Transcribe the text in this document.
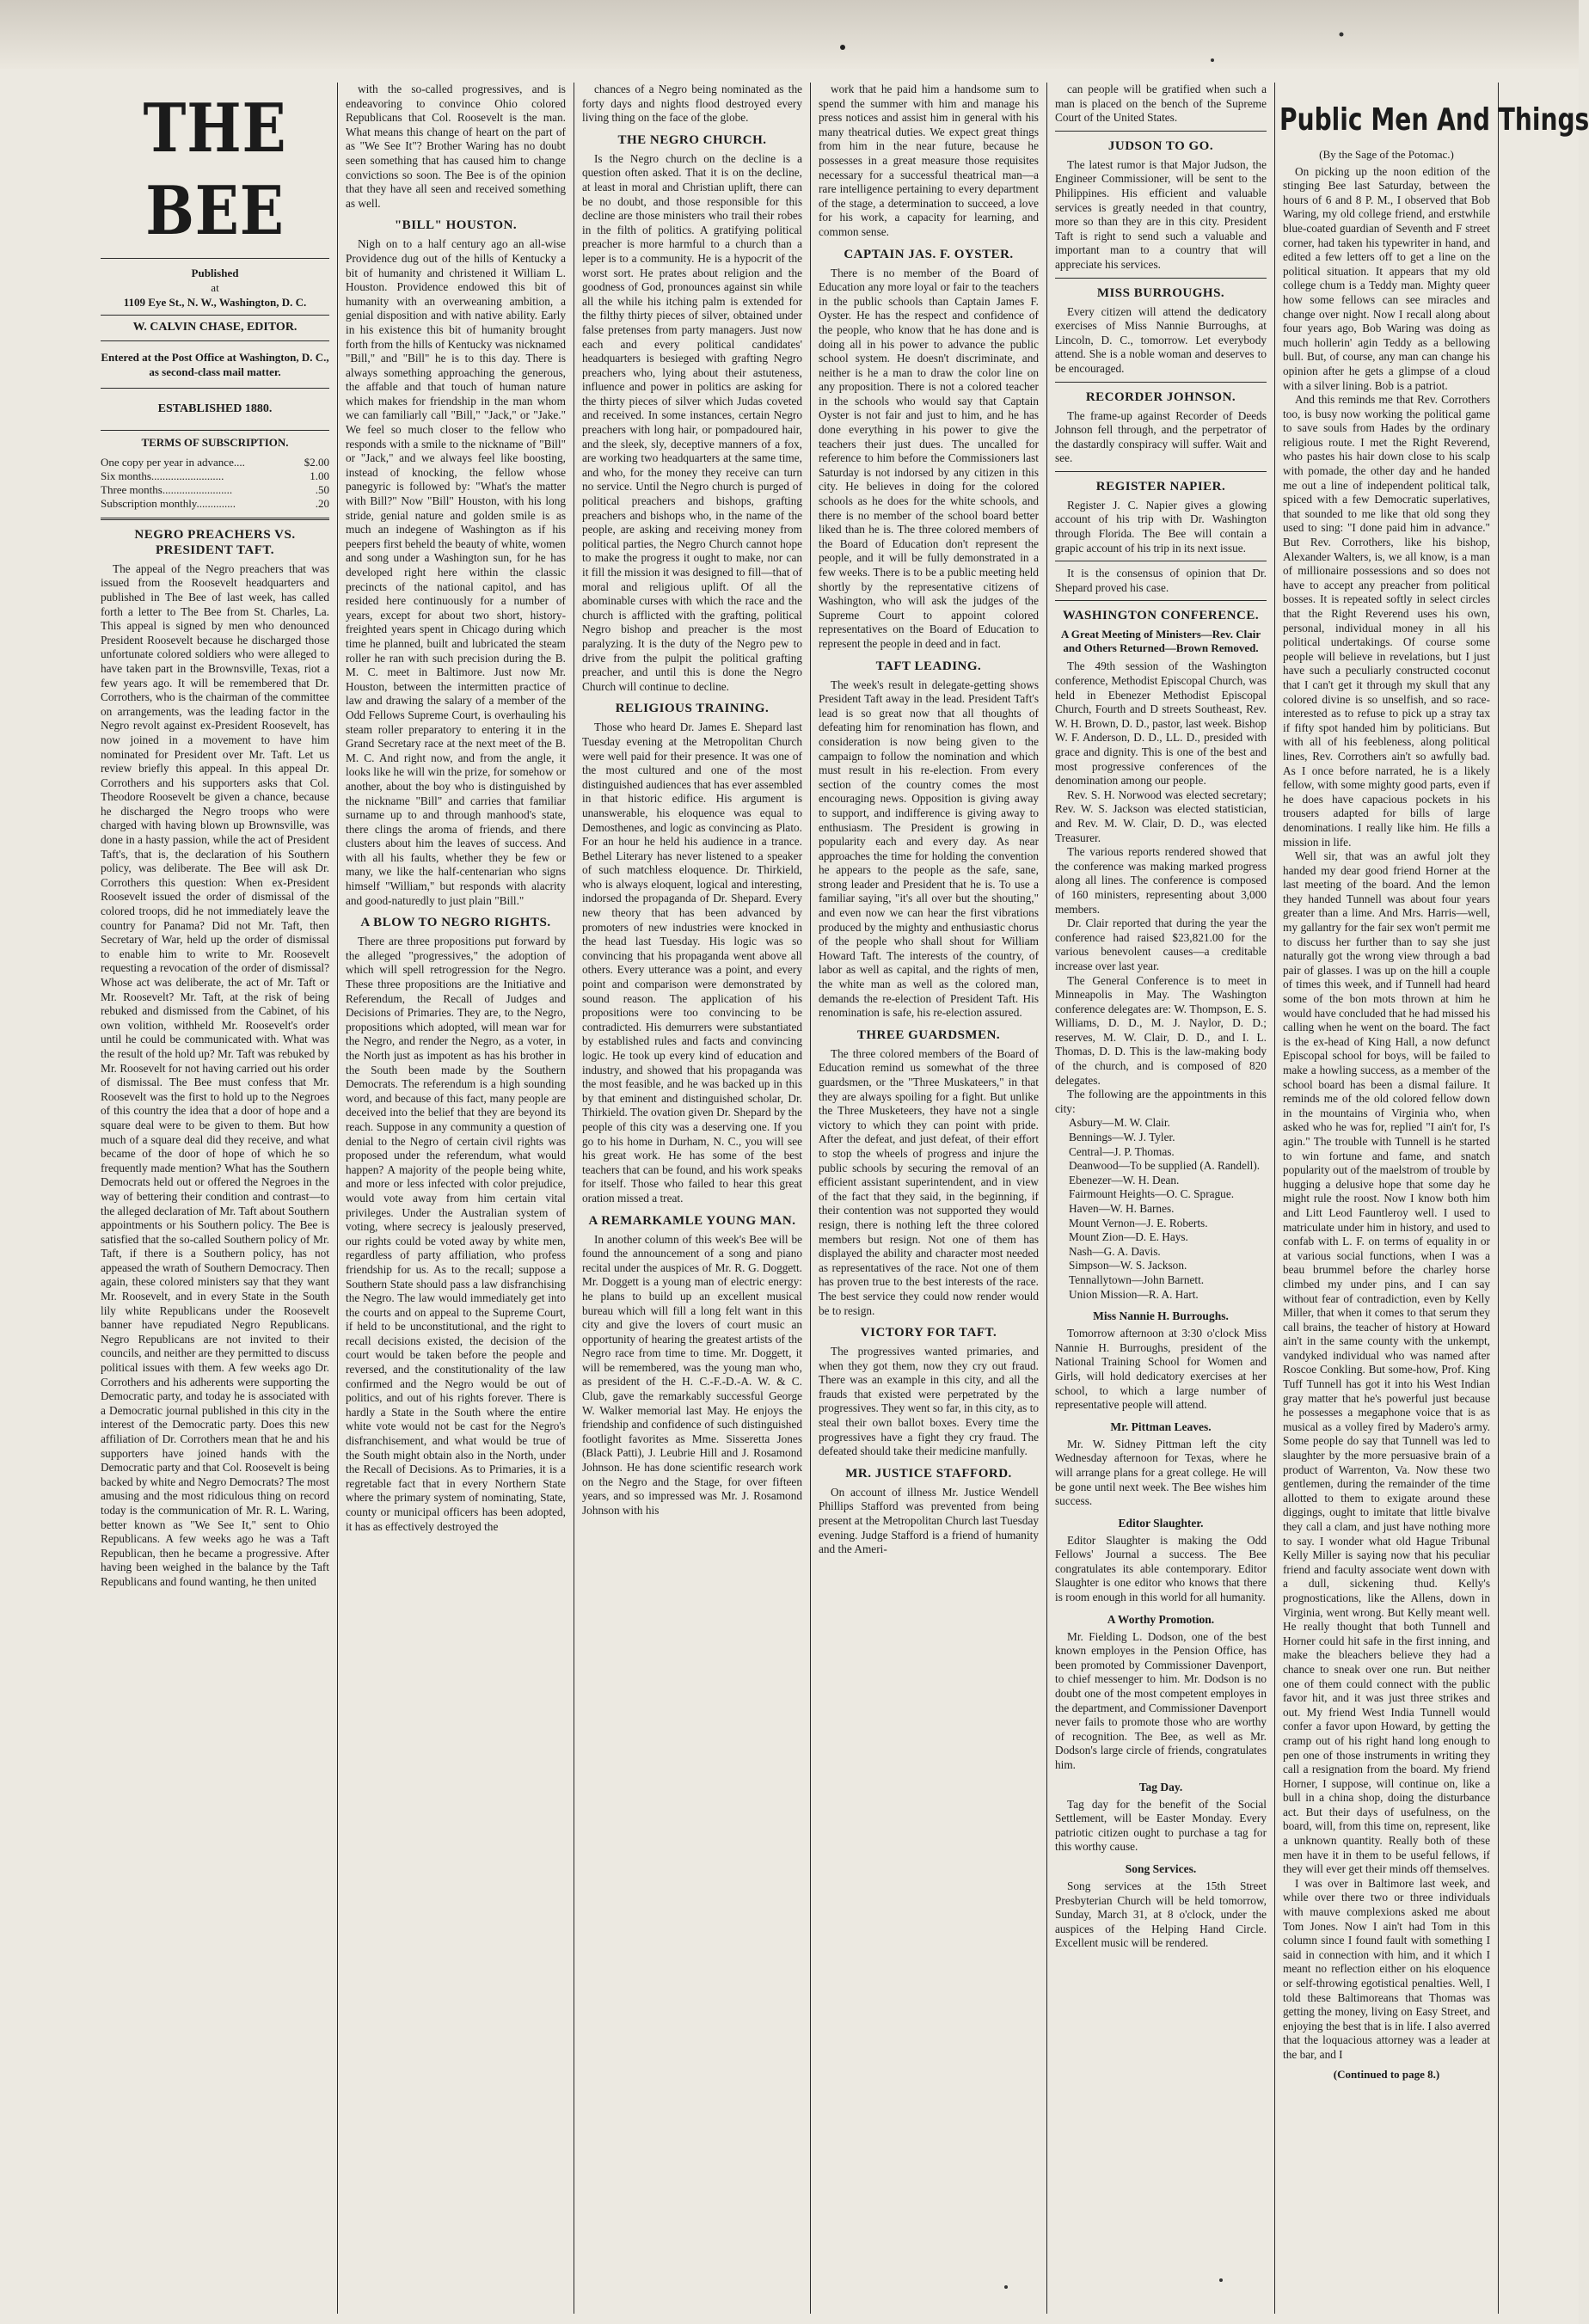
THE BEE
Published
at
1109 Eye St., N. W., Washington, D. C.
W. CALVIN CHASE, EDITOR.
Entered at the Post Office at Washington, D. C., as second-class mail matter.
ESTABLISHED 1880.
TERMS OF SUBSCRIPTION.
One copy per year in advance....	$2.00
Six months..........................	1.00
Three months.........................	.50
Subscription monthly..............	.20
NEGRO PREACHERS VS. PRESIDENT TAFT.

The appeal of the Negro preachers that was issued from the Roosevelt headquarters and published in The Bee of last week, has called forth a letter to The Bee from St. Charles, La. This appeal is signed by men who denounced President Roosevelt because he discharged those unfortunate colored soldiers who were alleged to have taken part in the Brownsville, Texas, riot a few years ago. It will be remembered that Dr. Corrothers, who is the chairman of the committee on arrangements, was the leading factor in the Negro revolt against ex-President Roosevelt, has now joined in a movement to have him nominated for President over Mr. Taft. Let us review briefly this appeal. In this appeal Dr. Corrothers and his supporters asks that Col. Theodore Roosevelt be given a chance, because he discharged the Negro troops who were charged with having blown up Brownsville, was done in a hasty passion, while the act of President Taft's, that is, the declaration of his Southern policy, was deliberate. The Bee will ask Dr. Corrothers this question: When ex-President Roosevelt issued the order of dismissal of the colored troops, did he not immediately leave the country for Panama? Did not Mr. Taft, then Secretary of War, held up the order of dismissal to enable him to write to Mr. Roosevelt requesting a revocation of the order of dismissal? Whose act was deliberate, the act of Mr. Taft or Mr. Roosevelt? Mr. Taft, at the risk of being rebuked and dismissed from the Cabinet, of his own volition, withheld Mr. Roosevelt's order until he could be communicated with. What was the result of the hold up? Mr. Taft was rebuked by Mr. Roosevelt for not having carried out his order of dismissal. The Bee must confess that Mr. Roosevelt was the first to hold up to the Negroes of this country the idea that a door of hope and a square deal were to be given to them. But how much of a square deal did they receive, and what became of the door of hope of which he so frequently made mention? What has the Southern Democrats held out or offered the Negroes in the way of bettering their condition and contrast—to the alleged declaration of Mr. Taft about Southern appointments or his Southern policy. The Bee is satisfied that the so-called Southern policy of Mr. Taft, if there is a Southern policy, has not appeased the wrath of Southern Democracy. Then again, these colored ministers say that they want Mr. Roosevelt, and in every State in the South lily white Republicans under the Roosevelt banner have repudiated Negro Republicans. Negro Republicans are not invited to their councils, and neither are they permitted to discuss political issues with them. A few weeks ago Dr. Corrothers and his adherents were supporting the Democratic party, and today he is associated with a Democratic journal published in this city in the interest of the Democratic party. Does this new affiliation of Dr. Corrothers mean that he and his supporters have joined hands with the Democratic party and that Col. Roosevelt is being backed by white and Negro Democrats? The most amusing and the most ridiculous thing on record today is the communication of Mr. R. L. Waring, better known as "We See It," sent to Ohio Republicans. A few weeks ago he was a Taft Republican, then he became a progressive. After having been weighed in the balance by the Taft Republicans and found wanting, he then united

with the so-called progressives, and is endeavoring to convince Ohio colored Republicans that Col. Roosevelt is the man. What means this change of heart on the part of as "We See It"? Brother Waring has no doubt seen something that has caused him to change convictions so soon. The Bee is of the opinion that they have all seen and received something as well.

"BILL" HOUSTON.

Nigh on to a half century ago an all-wise Providence dug out of the hills of Kentucky a bit of humanity and christened it William L. Houston. Providence endowed this bit of humanity with an overweaning ambition, a genial disposition and with native ability. Early in his existence this bit of humanity brought forth from the hills of Kentucky was nicknamed "Bill," and "Bill" he is to this day. There is always something approaching the generous, the affable and that touch of human nature which makes for friendship in the man whom we can familiarly call "Bill," "Jack," or "Jake." We feel so much closer to the fellow who responds with a smile to the nickname of "Bill" or "Jack," and we always feel like boosting, instead of knocking, the fellow whose panegyric is followed by: "What's the matter with Bill?" Now "Bill" Houston, with his long stride, genial nature and golden smile is as much an indegene of Washington as if his peepers first beheld the beauty of white, women and song under a Washington sun, for he has developed right here within the classic precincts of the national capitol, and has resided here continuously for a number of years, except for about two short, history-freighted years spent in Chicago during which time he planned, built and lubricated the steam roller he ran with such precision during the B. M. C. meet in Baltimore. Just now Mr. Houston, between the intermitten practice of law and drawing the salary of a member of the Odd Fellows Supreme Court, is overhauling his steam roller preparatory to entering it in the Grand Secretary race at the next meet of the B. M. C. And right now, and from the angle, it looks like he will win the prize, for somehow or another, about the boy who is distinguished by the nickname "Bill" and carries that familiar surname up to and through manhood's state, there clings the aroma of friends, and there clusters about him the leaves of success. And with all his faults, whether they be few or many, we like the half-centenarian who signs himself "William," but responds with alacrity and good-naturedly to just plain "Bill."

A BLOW TO NEGRO RIGHTS.

There are three propositions put forward by the alleged "progressives," the adoption of which will spell retrogression for the Negro. These three propositions are the Initiative and Referendum, the Recall of Judges and Decisions of Primaries. They are, to the Negro, propositions which adopted, will mean war for the Negro, and render the Negro, as a voter, in the North just as impotent as has his brother in the South been made by the Southern Democrats. The referendum is a high sounding word, and because of this fact, many people are deceived into the belief that they are beyond its reach. Suppose in any community a question of denial to the Negro of certain civil rights was proposed under the referendum, what would happen? A majority of the people being white, and more or less infected with color prejudice, would vote away from him certain vital privileges. Under the Australian system of voting, where secrecy is jealously preserved, our rights could be voted away by white men, regardless of party affiliation, who profess friendship for us. As to the recall; suppose a Southern State should pass a law disfranchising the Negro. The law would immediately get into the courts and on appeal to the Supreme Court, if held to be unconstitutional, and the right to recall decisions existed, the decision of the court would be taken before the people and reversed, and the constitutionality of the law confirmed and the Negro would be out of politics, and out of his rights forever. There is hardly a State in the South where the entire white vote would not be cast for the Negro's disfranchisement, and what would be true of the South might obtain also in the North, under the Recall of Decisions. As to Primaries, it is a regretable fact that in every Northern State where the primary system of nominating, State, county or municipal officers has been adopted, it has as effectively destroyed the

chances of a Negro being nominated as the forty days and nights flood destroyed every living thing on the face of the globe.

THE NEGRO CHURCH.

Is the Negro church on the decline is a question often asked. That it is on the decline, at least in moral and Christian uplift, there can be no doubt, and those responsible for this decline are those ministers who trail their robes in the filth of politics. A gratifying political preacher is more harmful to a church than a leper is to a community. He is a hypocrit of the worst sort. He prates about religion and the goodness of God, pronounces against sin while all the while his itching palm is extended for the filthy thirty pieces of silver, obtained under false pretenses from party managers. Just now each and every political candidates' headquarters is besieged with grafting Negro preachers who, lying about their astuteness, influence and power in politics are asking for the thirty pieces of silver which Judas coveted and received. In some instances, certain Negro preachers with long hair, or pompadoured hair, and the sleek, sly, deceptive manners of a fox, are working two headquarters at the same time, and who, for the money they receive can turn no service. Until the Negro church is purged of political preachers and bishops, grafting preachers and bishops who, in the name of the people, are asking and receiving money from political parties, the Negro Church cannot hope to make the progress it ought to make, nor can it fill the mission it was designed to fill—that of moral and religious uplift. Of all the abominable curses with which the race and the church is afflicted with the grafting, political Negro bishop and preacher is the most paralyzing. It is the duty of the Negro pew to drive from the pulpit the political grafting preacher, and until this is done the Negro Church will continue to decline.

RELIGIOUS TRAINING.

Those who heard Dr. James E. Shepard last Tuesday evening at the Metropolitan Church were well paid for their presence. It was one of the most cultured and one of the most distinguished audiences that has ever assembled in that historic edifice. His argument is unanswerable, his eloquence was equal to Demosthenes, and logic as convincing as Plato. For an hour he held his audience in a trance. Bethel Literary has never listened to a speaker of such matchless eloquence. Dr. Thirkield, who is always eloquent, logical and interesting, indorsed the propaganda of Dr. Shepard. Every new theory that has been advanced by promoters of new industries were knocked in the head last Tuesday. His logic was so convincing that his propaganda went above all others. Every utterance was a point, and every point and comparison were demonstrated by sound reason. The application of his propositions were too convincing to be contradicted. His demurrers were substantiated by established rules and facts and convincing logic. He took up every kind of education and industry, and showed that his propaganda was the most feasible, and he was backed up in this by that eminent and distinguished scholar, Dr. Thirkield. The ovation given Dr. Shepard by the people of this city was a deserving one. If you go to his home in Durham, N. C., you will see his great work. He has some of the best teachers that can be found, and his work speaks for itself. Those who failed to hear this great oration missed a treat.

A REMARKAMLE YOUNG MAN.

In another column of this week's Bee will be found the announcement of a song and piano recital under the auspices of Mr. R. G. Doggett. Mr. Doggett is a young man of electric energy: he plans to build up an excellent musical bureau which will fill a long felt want in this city and give the lovers of court music an opportunity of hearing the greatest artists of the Negro race from time to time. Mr. Doggett, it will be remembered, was the young man who, as president of the H. C.-F.-D.-A. W. & C. Club, gave the remarkably successful George W. Walker memorial last May. He enjoys the friendship and confidence of such distinguished footlight favorites as Mme. Sisseretta Jones (Black Patti), J. Leubrie Hill and J. Rosamond Johnson. He has done scientific research work on the Negro and the Stage, for over fifteen years, and so impressed was Mr. J. Rosamond Johnson with his

work that he paid him a handsome sum to spend the summer with him and manage his press notices and assist him in general with his many theatrical duties. We expect great things from him in the near future, because he possesses in a great measure those requisites necessary for a successful theatrical man—a rare intelligence pertaining to every department of the stage, a determination to succeed, a love for his work, a capacity for learning, and common sense.

CAPTAIN JAS. F. OYSTER.

There is no member of the Board of Education any more loyal or fair to the teachers in the public schools than Captain James F. Oyster. He has the respect and confidence of the people, who know that he has done and is doing all in his power to advance the public school system. He doesn't discriminate, and neither is he a man to draw the color line on any proposition. There is not a colored teacher in the schools who would say that Captain Oyster is not fair and just to him, and he has done everything in his power to give the teachers their just dues. The uncalled for reference to him before the Commissioners last Saturday is not indorsed by any citizen in this city. He believes in doing for the colored schools as he does for the white schools, and there is no member of the school board better liked than he is. The three colored members of the Board of Education don't represent the people, and it will be fully demonstrated in a few weeks. There is to be a public meeting held shortly by the representative citizens of Washington, who will ask the judges of the Supreme Court to appoint colored representatives on the Board of Education to represent the people in deed and in fact.

TAFT LEADING.

The week's result in delegate-getting shows President Taft away in the lead. President Taft's lead is so great now that all thoughts of defeating him for renomination has flown, and consideration is now being given to the campaign to follow the nomination and which must result in his re-election. From every section of the country comes the most encouraging news. Opposition is giving away to support, and indifference is giving away to enthusiasm. The President is growing in popularity each and every day. As near approaches the time for holding the convention he appears to the people as the safe, sane, strong leader and President that he is. To use a familiar saying, "it's all over but the shouting," and even now we can hear the first vibrations produced by the mighty and enthusiastic chorus of the people who shall shout for William Howard Taft. The interests of the country, of labor as well as capital, and the rights of men, the white man as well as the colored man, demands the re-election of President Taft. His renomination is safe, his re-election assured.

THREE GUARDSMEN.

The three colored members of the Board of Education remind us somewhat of the three guardsmen, or the "Three Muskateers," in that they are always spoiling for a fight. But unlike the Three Musketeers, they have not a single victory to which they can point with pride. After the defeat, and just defeat, of their effort to stop the wheels of progress and injure the public schools by securing the removal of an efficient assistant superintendent, and in view of the fact that they said, in the beginning, if their contention was not supported they would resign, there is nothing left the three colored members but resign. Not one of them has displayed the ability and character most needed as representatives of the race. Not one of them has proven true to the best interests of the race. The best service they could now render would be to resign.

VICTORY FOR TAFT.

The progressives wanted primaries, and when they got them, now they cry out fraud. There was an example in this city, and all the frauds that existed were perpetrated by the progressives. They went so far, in this city, as to steal their own ballot boxes. Every time the progressives have a fight they cry fraud. The defeated should take their medicine manfully.

MR. JUSTICE STAFFORD.

On account of illness Mr. Justice Wendell Phillips Stafford was prevented from being present at the Metropolitan Church last Tuesday evening. Judge Stafford is a friend of humanity and the Ameri-

can people will be gratified when such a man is placed on the bench of the Supreme Court of the United States.

JUDSON TO GO.

The latest rumor is that Major Judson, the Engineer Commissioner, will be sent to the Philippines. His efficient and valuable services is greatly needed in that country, more so than they are in this city. President Taft is right to send such a valuable and important man to a country that will appreciate his services.

MISS BURROUGHS.

Every citizen will attend the dedicatory exercises of Miss Nannie Burroughs, at Lincoln, D. C., tomorrow. Let everybody attend. She is a noble woman and deserves to be encouraged.

RECORDER JOHNSON.

The frame-up against Recorder of Deeds Johnson fell through, and the perpetrator of the dastardly conspiracy will suffer. Wait and see.

REGISTER NAPIER.

Register J. C. Napier gives a glowing account of his trip with Dr. Washington through Florida. The Bee will contain a grapic account of his trip in its next issue.

It is the consensus of opinion that Dr. Shepard proved his case.

WASHINGTON CONFERENCE.
A Great Meeting of Ministers—Rev. Clair and Others Returned—Brown Removed.

The 49th session of the Washington conference, Methodist Episcopal Church, was held in Ebenezer Methodist Episcopal Church, Fourth and D streets Southeast, Rev. W. H. Brown, D. D., pastor, last week. Bishop W. F. Anderson, D. D., LL. D., presided with grace and dignity. This is one of the best and most progressive conferences of the denomination among our people.

Rev. S. H. Norwood was elected secretary; Rev. W. S. Jackson was elected statistician, and Rev. M. W. Clair, D. D., was elected Treasurer.

The various reports rendered showed that the conference was making marked progress along all lines. The conference is composed of 160 ministers, representing about 3,000 members.

Dr. Clair reported that during the year the conference had raised $23,821.00 for the various benevolent causes—a creditable increase over last year.

The General Conference is to meet in Minneapolis in May. The Washington conference delegates are: W. Thompson, E. S. Williams, D. D., M. J. Naylor, D. D.; reserves, M. W. Clair, D. D., and I. L. Thomas, D. D. This is the law-making body of the church, and is composed of 820 delegates.

The following are the appointments in this city:

Asbury—M. W. Clair.
Bennings—W. J. Tyler.
Central—J. P. Thomas.
Deanwood—To be supplied (A. Randell).
Ebenezer—W. H. Dean.
Fairmount Heights—O. C. Sprague.
Haven—W. H. Barnes.
Mount Vernon—J. E. Roberts.
Mount Zion—D. E. Hays.
Nash—G. A. Davis.
Simpson—W. S. Jackson.
Tennallytown—John Barnett.
Union Mission—R. A. Hart.
Miss Nannie H. Burroughs.

Tomorrow afternoon at 3:30 o'clock Miss Nannie H. Burroughs, president of the National Training School for Women and Girls, will hold dedicatory exercises at her school, to which a large number of representative people will attend.

Mr. Pittman Leaves.

Mr. W. Sidney Pittman left the city Wednesday afternoon for Texas, where he will arrange plans for a great college. He will be gone until next week. The Bee wishes him success.

Editor Slaughter.

Editor Slaughter is making the Odd Fellows' Journal a success. The Bee congratulates its able contemporary. Editor Slaughter is one editor who knows that there is room enough in this world for all humanity.

A Worthy Promotion.

Mr. Fielding L. Dodson, one of the best known employes in the Pension Office, has been promoted by Commissioner Davenport, to chief messenger to him. Mr. Dodson is no doubt one of the most competent employes in the department, and Commissioner Davenport never fails to promote those who are worthy of recognition. The Bee, as well as Mr. Dodson's large circle of friends, congratulates him.

Tag Day.

Tag day for the benefit of the Social Settlement, will be Easter Monday. Every patriotic citizen ought to purchase a tag for this worthy cause.

Song Services.

Song services at the 15th Street Presbyterian Church will be held tomorrow, Sunday, March 31, at 8 o'clock, under the auspices of the Helping Hand Circle. Excellent music will be rendered.

Public Men And Things
(By the Sage of the Potomac.)

On picking up the noon edition of the stinging Bee last Saturday, between the hours of 6 and 8 P. M., I observed that Bob Waring, my old college friend, and erstwhile blue-coated guardian of Seventh and F street corner, had taken his typewriter in hand, and edited a few letters off to get a line on the political situation. It appears that my old college chum is a Teddy man. Mighty queer how some fellows can see miracles and change over night. Now I recall along about four years ago, Bob Waring was doing as much hollerin' agin Teddy as a bellowing bull. But, of course, any man can change his opinion after he gets a glimpse of a cloud with a silver lining. Bob is a patriot.

And this reminds me that Rev. Corrothers too, is busy now working the political game to save souls from Hades by the ordinary religious route. I met the Right Reverend, who pastes his hair down close to his scalp with pomade, the other day and he handed me out a line of independent political talk, spiced with a few Democratic superlatives, that sounded to me like that old song they used to sing: "I done paid him in advance." But Rev. Corrothers, like his bishop, Alexander Walters, is, we all know, is a man of millionaire possessions and so does not have to accept any preacher from political bosses. It is repeated softly in select circles that the Right Reverend uses his own, personal, individual money in all his political undertakings. Of course some people will believe in revelations, but I just have such a peculiarly constructed coconut that I can't get it through my skull that any colored divine is so unselfish, and so race-interested as to refuse to pick up a stray tax if fifty spot handed him by politicians. But with all of his feebleness, along political lines, Rev. Corrothers ain't so awfully bad. As I once before narrated, he is a likely fellow, with some mighty good parts, even if he does have capacious pockets in his trousers adapted for bills of large denominations. I really like him. He fills a mission in life.

Well sir, that was an awful jolt they handed my dear good friend Horner at the last meeting of the board. And the lemon they handed Tunnell was about four years greater than a lime. And Mrs. Harris—well, my gallantry for the fair sex won't permit me to discuss her further than to say she just naturally got the wrong view through a bad pair of glasses. I was up on the hill a couple of times this week, and if Tunnell had heard some of the bon mots thrown at him he would have concluded that he had missed his calling when he went on the board. The fact is the ex-head of King Hall, a now defunct Episcopal school for boys, will be failed to make a howling success, as a member of the school board has been a dismal failure. It reminds me of the old colored fellow down in the mountains of Virginia who, when asked who he was for, replied "I ain't for, I's agin." The trouble with Tunnell is he started to win fortune and fame, and snatch popularity out of the maelstrom of trouble by hugging a delusive hope that some day he might rule the roost. Now I know both him and Litt Leod Fauntleroy well. I used to matriculate under him in history, and used to confab with L. F. on terms of equality in or at various social functions, when I was a beau brummel before the charley horse climbed my under pins, and I can say without fear of contradiction, even by Kelly Miller, that when it comes to that serum they call brains, the teacher of history at Howard ain't in the same county with the unkempt, vandyked individual who was named after Roscoe Conkling. But some-how, Prof. King Tuff Tunnell has got it into his West Indian gray matter that he's powerful just because he possesses a megaphone voice that is as musical as a volley fired by Madero's army. Some people do say that Tunnell was led to slaughter by the more persuasive brain of a product of Warrenton, Va. Now these two gentlemen, during the remainder of the time allotted to them to exigate around these diggings, ought to imitate that little bivalve they call a clam, and just have nothing more to say. I wonder what old Hague Tribunal Kelly Miller is saying now that his peculiar friend and faculty associate went down with a dull, sickening thud. Kelly's prognostications, like the Allens, down in Virginia, went wrong. But Kelly meant well. He really thought that both Tunnell and Horner could hit safe in the first inning, and make the bleachers believe they had a chance to sneak over one run. But neither one of them could connect with the public favor hit, and it was just three strikes and out. My friend West India Tunnell would confer a favor upon Howard, by getting the cramp out of his right hand long enough to pen one of those instruments in writing they call a resignation from the board. My friend Horner, I suppose, will continue on, like a bull in a china shop, doing the disturbance act. But their days of usefulness, on the board, will, from this time on, represent, like a unknown quantity. Really both of these men have it in them to be useful fellows, if they will ever get their minds off themselves.

I was over in Baltimore last week, and while over there two or three individuals with mauve complexions asked me about Tom Jones. Now I ain't had Tom in this column since I found fault with something I said in connection with him, and it which I meant no reflection either on his eloquence or self-throwing egotistical penalties. Well, I told these Baltimoreans that Thomas was getting the money, living on Easy Street, and enjoying the best that is in life. I also averred that the loquacious attorney was a leader at the bar, and I

(Continued to page 8.)
